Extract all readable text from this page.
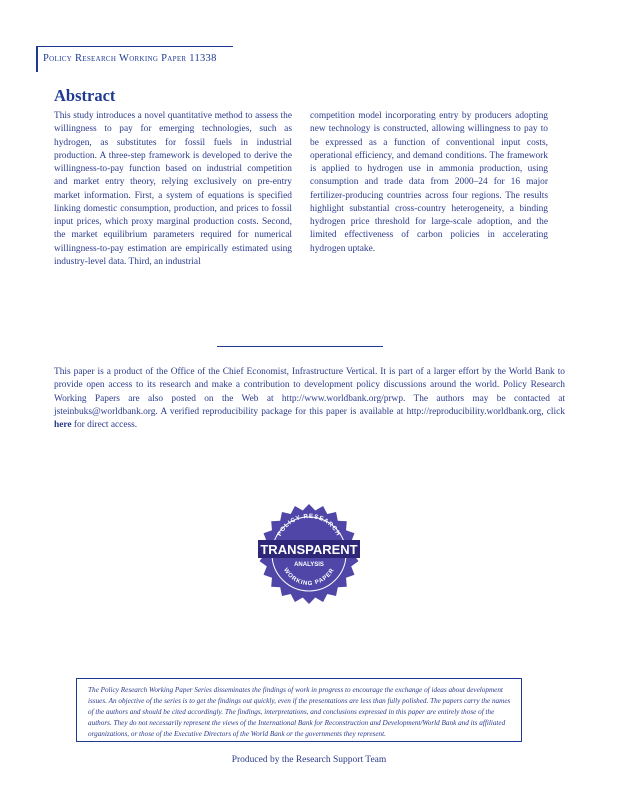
Policy Research Working Paper 11338
Abstract
This study introduces a novel quantitative method to assess the willingness to pay for emerging technologies, such as hydrogen, as substitutes for fossil fuels in industrial production. A three-step framework is developed to derive the willingness-to-pay function based on industrial competition and market entry theory, relying exclusively on pre-entry market information. First, a system of equations is specified linking domestic consumption, production, and prices to fossil input prices, which proxy marginal production costs. Second, the market equilibrium parameters required for numerical willingness-to-pay estimation are empirically estimated using industry-level data. Third, an industrial
competition model incorporating entry by producers adopting new technology is constructed, allowing willingness to pay to be expressed as a function of conventional input costs, operational efficiency, and demand conditions. The framework is applied to hydrogen use in ammonia production, using consumption and trade data from 2000–24 for 16 major fertilizer-producing countries across four regions. The results highlight substantial cross-country heterogeneity, a binding hydrogen price threshold for large-scale adoption, and the limited effectiveness of carbon policies in accelerating hydrogen uptake.
This paper is a product of the Office of the Chief Economist, Infrastructure Vertical. It is part of a larger effort by the World Bank to provide open access to its research and make a contribution to development policy discussions around the world. Policy Research Working Papers are also posted on the Web at http://www.worldbank.org/prwp. The authors may be contacted at jsteinbuks@worldbank.org. A verified reproducibility package for this paper is available at http://reproducibility.worldbank.org, click here for direct access.
POLICY RESEARCH
TRANSPARENT
ANALYSIS
WORKING PAPER
The Policy Research Working Paper Series disseminates the findings of work in progress to encourage the exchange of ideas about development issues. An objective of the series is to get the findings out quickly, even if the presentations are less than fully polished. The papers carry the names of the authors and should be cited accordingly. The findings, interpretations, and conclusions expressed in this paper are entirely those of the authors. They do not necessarily represent the views of the International Bank for Reconstruction and Development/World Bank and its affiliated organizations, or those of the Executive Directors of the World Bank or the governments they represent.
Produced by the Research Support Team
